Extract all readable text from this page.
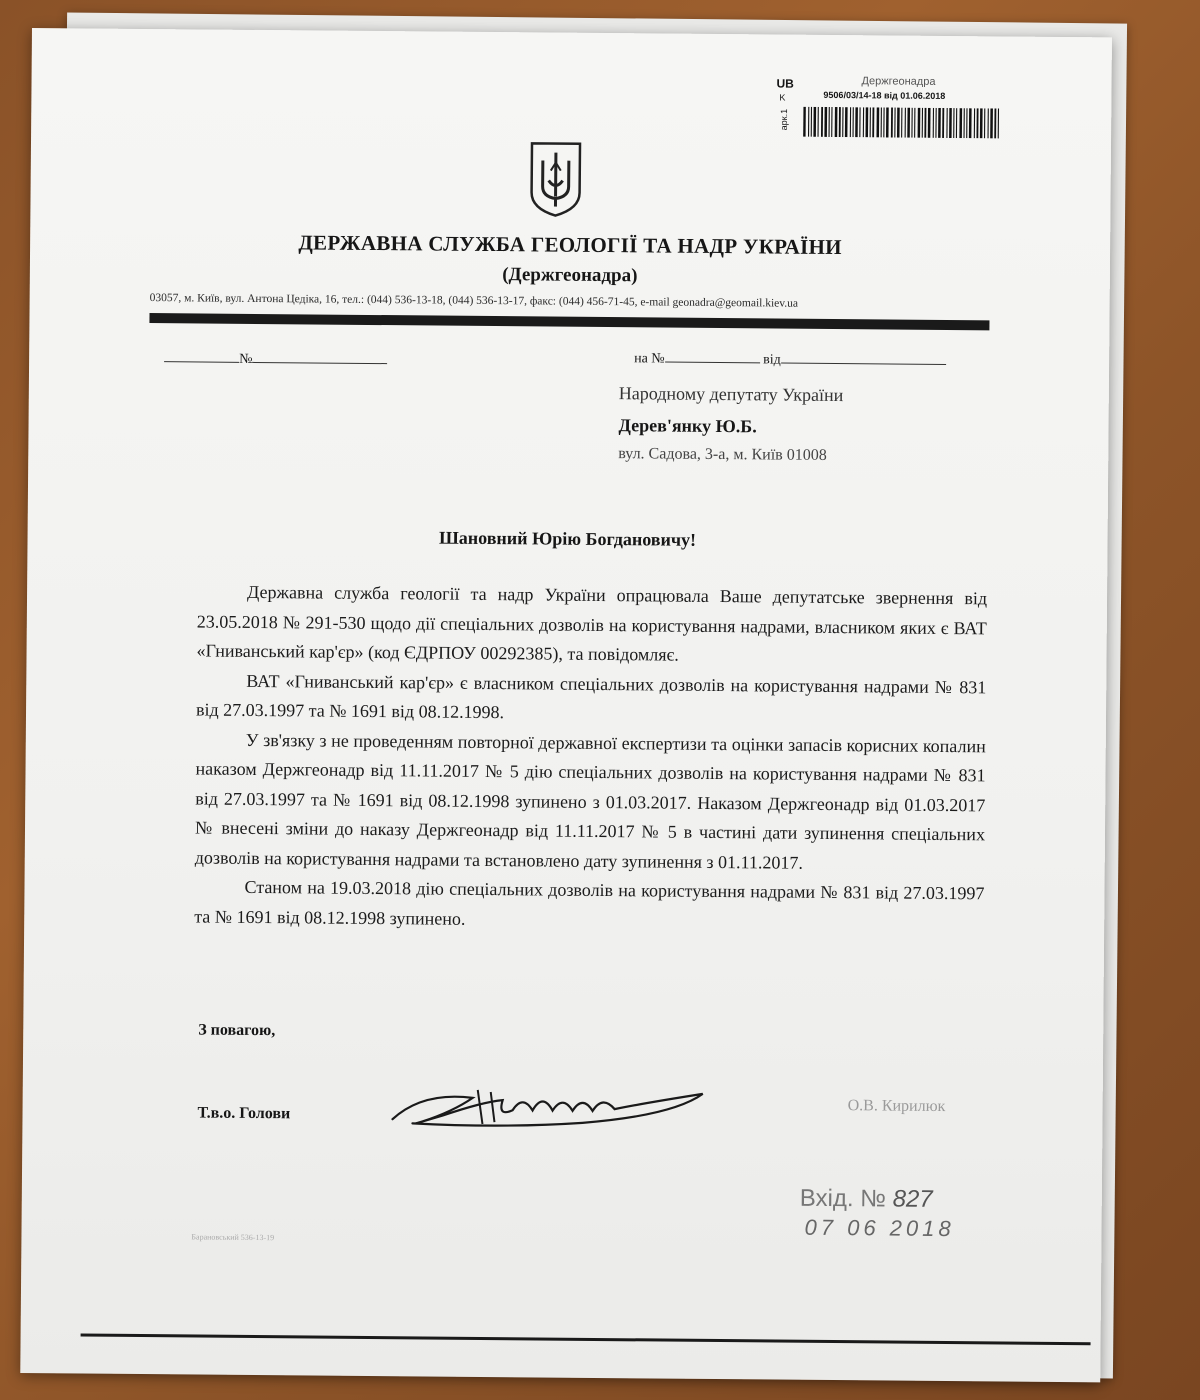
UB
K
арк.1
Держгеонадра
9506/03/14-18 від 01.06.2018
ДЕРЖАВНА СЛУЖБА ГЕОЛОГІЇ ТА НАДР УКРАЇНИ
(Держгеонадра)
03057, м. Київ, вул. Антона Цедіка, 16, тел.: (044) 536-13-18, (044) 536-13-17, факс: (044) 456-71-45, e-mail geonadra@geomail.kiev.ua
№	на №	від
Народному депутату України
Дерев'янку Ю.Б.
вул. Садова, 3-а, м. Київ 01008
Шановний Юрію Богдановичу!

Державна служба геології та надр України опрацювала Ваше депутатське звернення від 23.05.2018 № 291-530 щодо дії спеціальних дозволів на користування надрами, власником яких є ВАТ «Гниванський кар'єр» (код ЄДРПОУ 00292385), та повідомляє.

ВАТ «Гниванський кар'єр» є власником спеціальних дозволів на користування надрами № 831 від 27.03.1997 та № 1691 від 08.12.1998.

У зв'язку з не проведенням повторної державної експертизи та оцінки запасів корисних копалин наказом Держгеонадр від 11.11.2017 № 5 дію спеціальних дозволів на користування надрами № 831 від 27.03.1997 та № 1691 від 08.12.1998 зупинено з 01.03.2017. Наказом Держгеонадр від 01.03.2017 № внесені зміни до наказу Держгеонадр від 11.11.2017 № 5 в частині дати зупинення спеціальних дозволів на користування надрами та встановлено дату зупинення з 01.11.2017.

Станом на 19.03.2018 дію спеціальних дозволів на користування надрами № 831 від 27.03.1997 та № 1691 від 08.12.1998 зупинено.

З повагою,
Т.в.о. Голови	О.В. Кирилюк
Вхід. № 827
07 06 2018
Барановський 536-13-19
